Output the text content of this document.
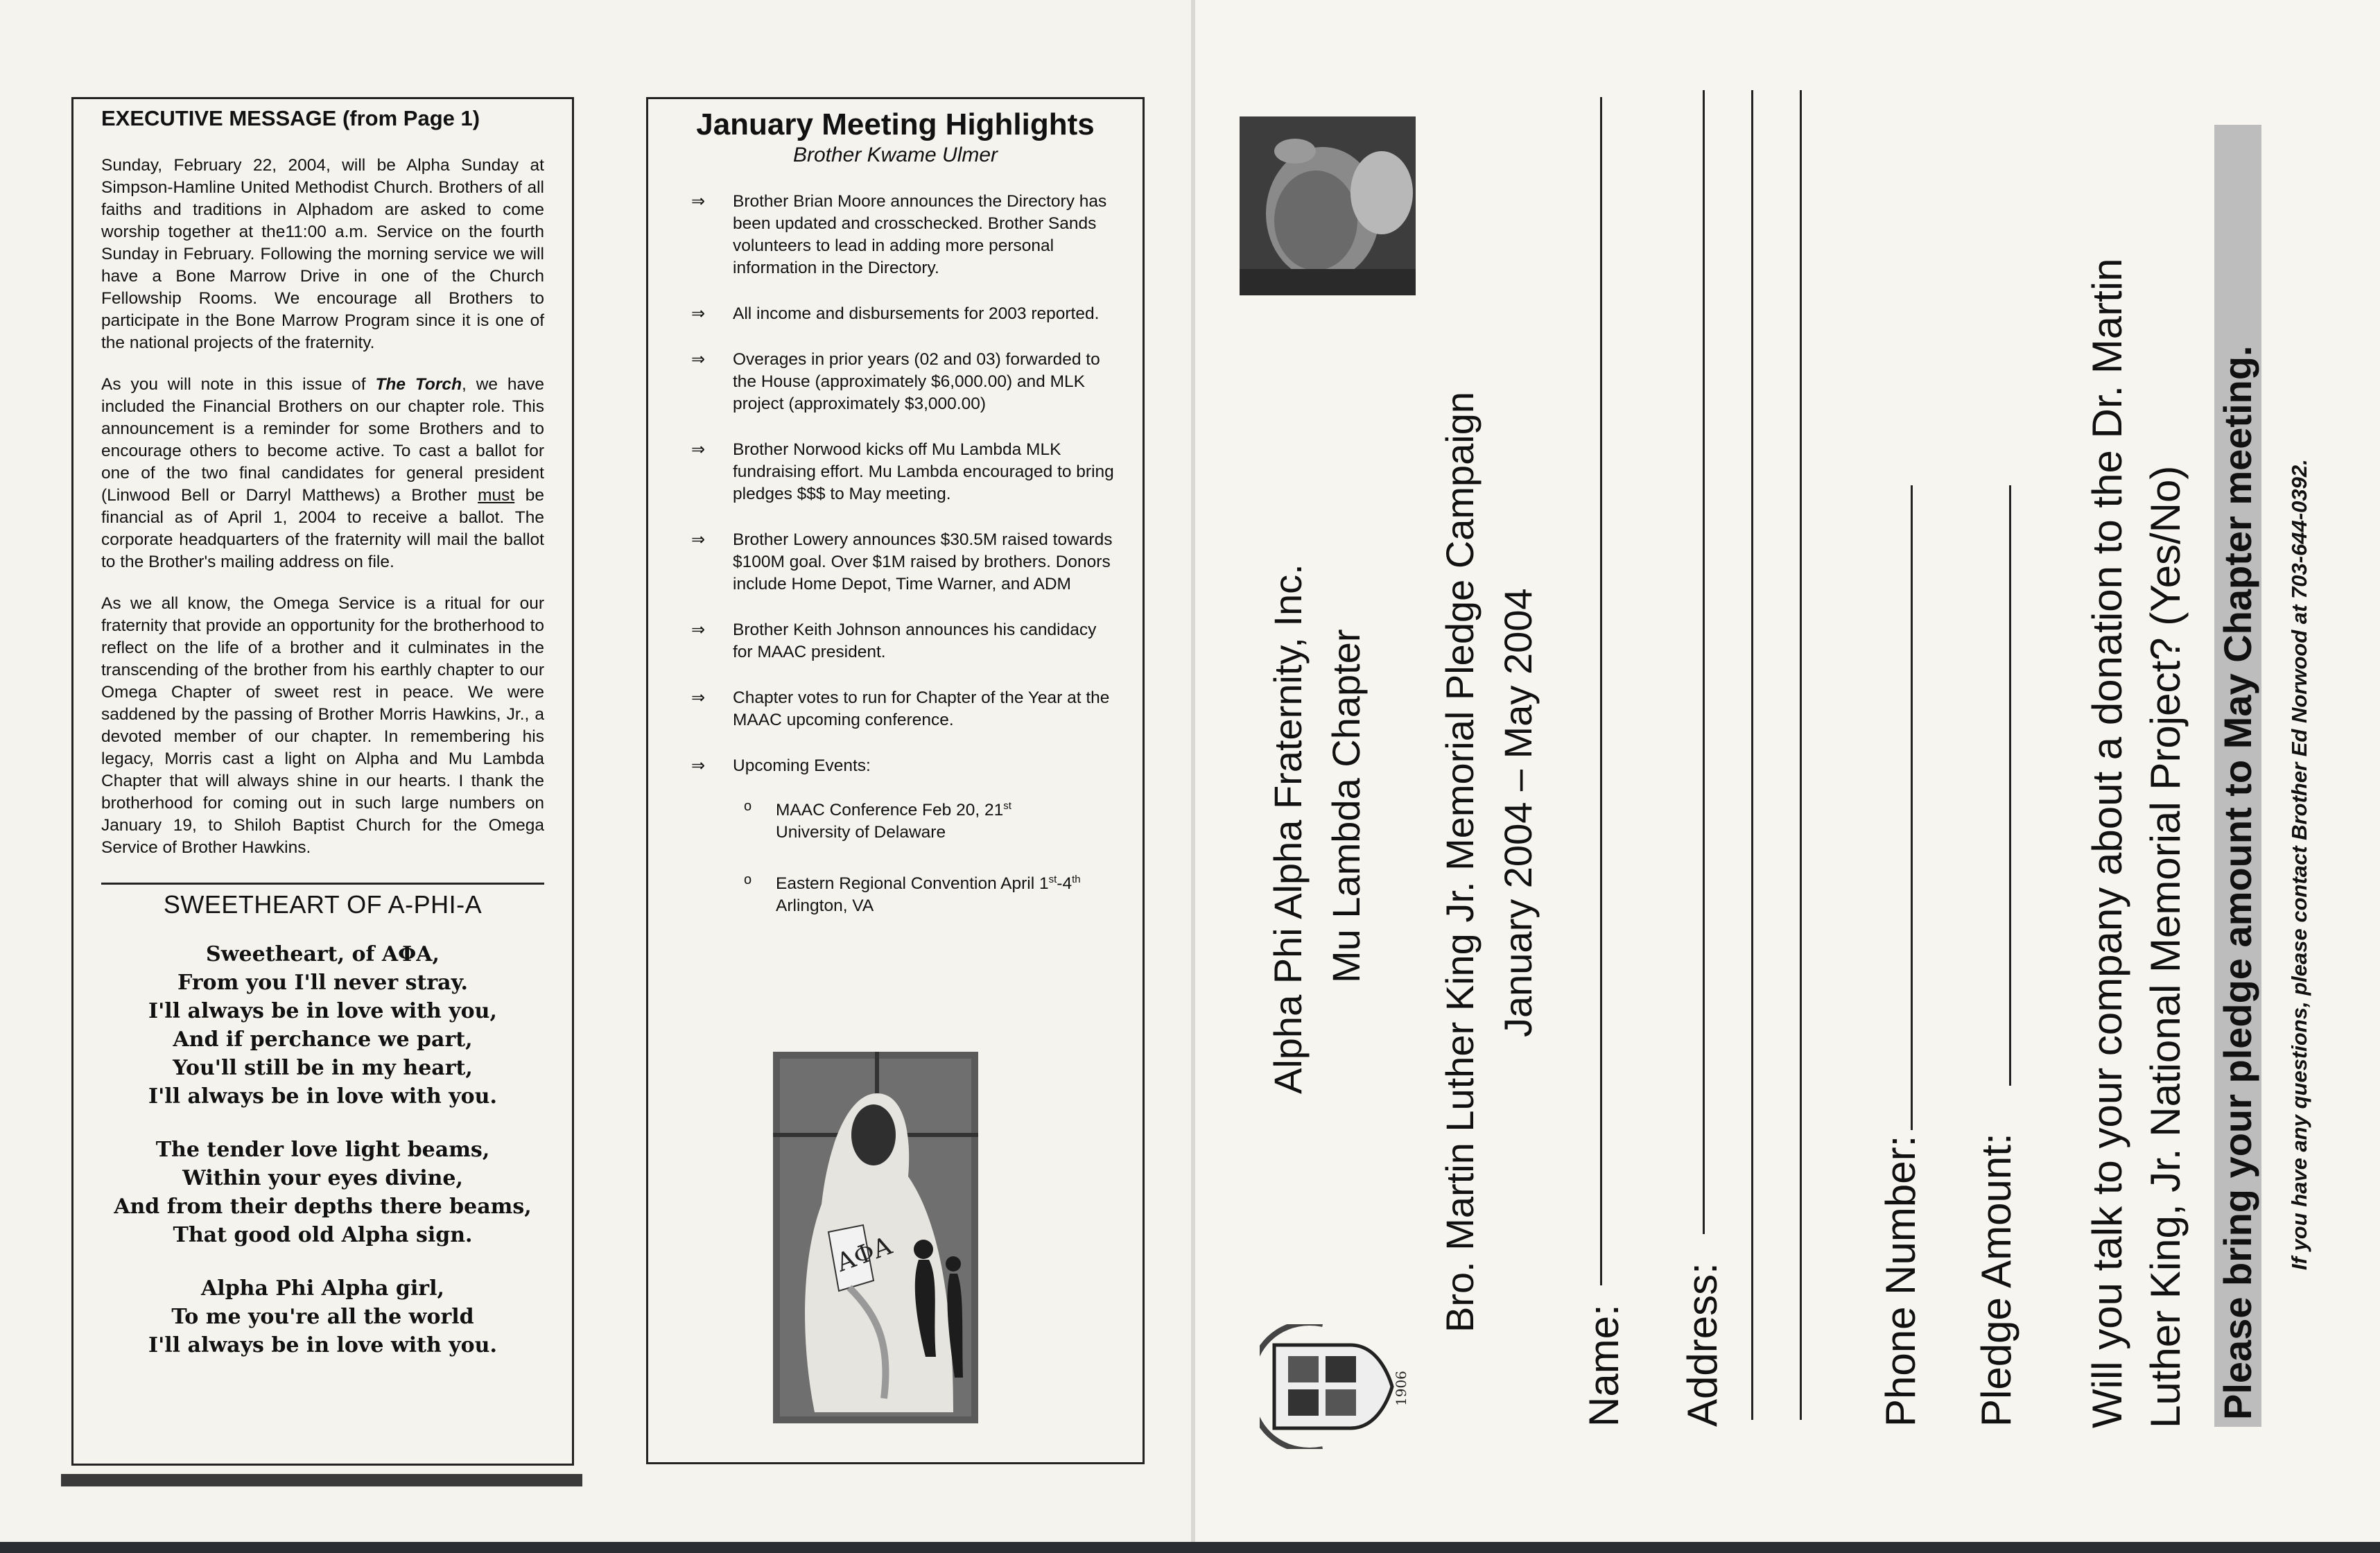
EXECUTIVE MESSAGE (from Page 1)

Sunday, February 22, 2004, will be Alpha Sunday at Simpson-Hamline United Methodist Church. Brothers of all faiths and traditions in Alphadom are asked to come worship together at the11:00 a.m. Service on the fourth Sunday in February. Following the morning service we will have a Bone Marrow Drive in one of the Church Fellowship Rooms. We encourage all Brothers to participate in the Bone Marrow Program since it is one of the national projects of the fraternity.

As you will note in this issue of The Torch, we have included the Financial Brothers on our chapter role. This announcement is a reminder for some Brothers and to encourage others to become active. To cast a ballot for one of the two final candidates for general president (Linwood Bell or Darryl Matthews) a Brother must be financial as of April 1, 2004 to receive a ballot. The corporate headquarters of the fraternity will mail the ballot to the Brother's mailing address on file.

As we all know, the Omega Service is a ritual for our fraternity that provide an opportunity for the brotherhood to reflect on the life of a brother and it culminates in the transcending of the brother from his earthly chapter to our Omega Chapter of sweet rest in peace. We were saddened by the passing of Brother Morris Hawkins, Jr., a devoted member of our chapter. In remembering his legacy, Morris cast a light on Alpha and Mu Lambda Chapter that will always shine in our hearts. I thank the brotherhood for coming out in such large numbers on January 19, to Shiloh Baptist Church for the Omega Service of Brother Hawkins.

SWEETHEART OF A-PHI-A
Sweetheart, of ΑΦΑ,
From you I'll never stray.
I'll always be in love with you,
And if perchance we part,
You'll still be in my heart,
I'll always be in love with you.
The tender love light beams,
Within your eyes divine,
And from their depths there beams,
That good old Alpha sign.
Alpha Phi Alpha girl,
To me you're all the world
I'll always be in love with you.
January Meeting Highlights
Brother Kwame Ulmer
⇒	Brother Brian Moore announces the Directory has been updated and crosschecked. Brother Sands volunteers to lead in adding more personal information in the Directory.
⇒	All income and disbursements for 2003 reported.
⇒	Overages in prior years (02 and 03) forwarded to the House (approximately $6,000.00) and MLK project (approximately $3,000.00)
⇒	Brother Norwood kicks off Mu Lambda MLK fundraising effort. Mu Lambda encouraged to bring pledges $$$ to May meeting.
⇒	Brother Lowery announces $30.5M raised towards $100M goal. Over $1M raised by brothers. Donors include Home Depot, Time Warner, and ADM
⇒	Brother Keith Johnson announces his candidacy for MAAC president.
⇒	Chapter votes to run for Chapter of the Year at the MAAC upcoming conference.
⇒	Upcoming Events:
o	MAAC Conference Feb 20, 21st
University of Delaware
o	Eastern Regional Convention April 1st-4th Arlington, VA
ΑΦΑ
Alpha Phi Alpha Fraternity, Inc. Mu Lambda Chapter Bro. Martin Luther King Jr. Memorial Pledge Campaign January 2004 – May 2004
1906	Name: Address:	Phone Number: Pledge Amount: Will you talk to your company about a donation to the Dr. Martin Luther King, Jr. National Memorial Project? (Yes/No) Please bring your pledge amount to May Chapter meeting. If you have any questions, please contact Brother Ed Norwood at 703-644-0392.
